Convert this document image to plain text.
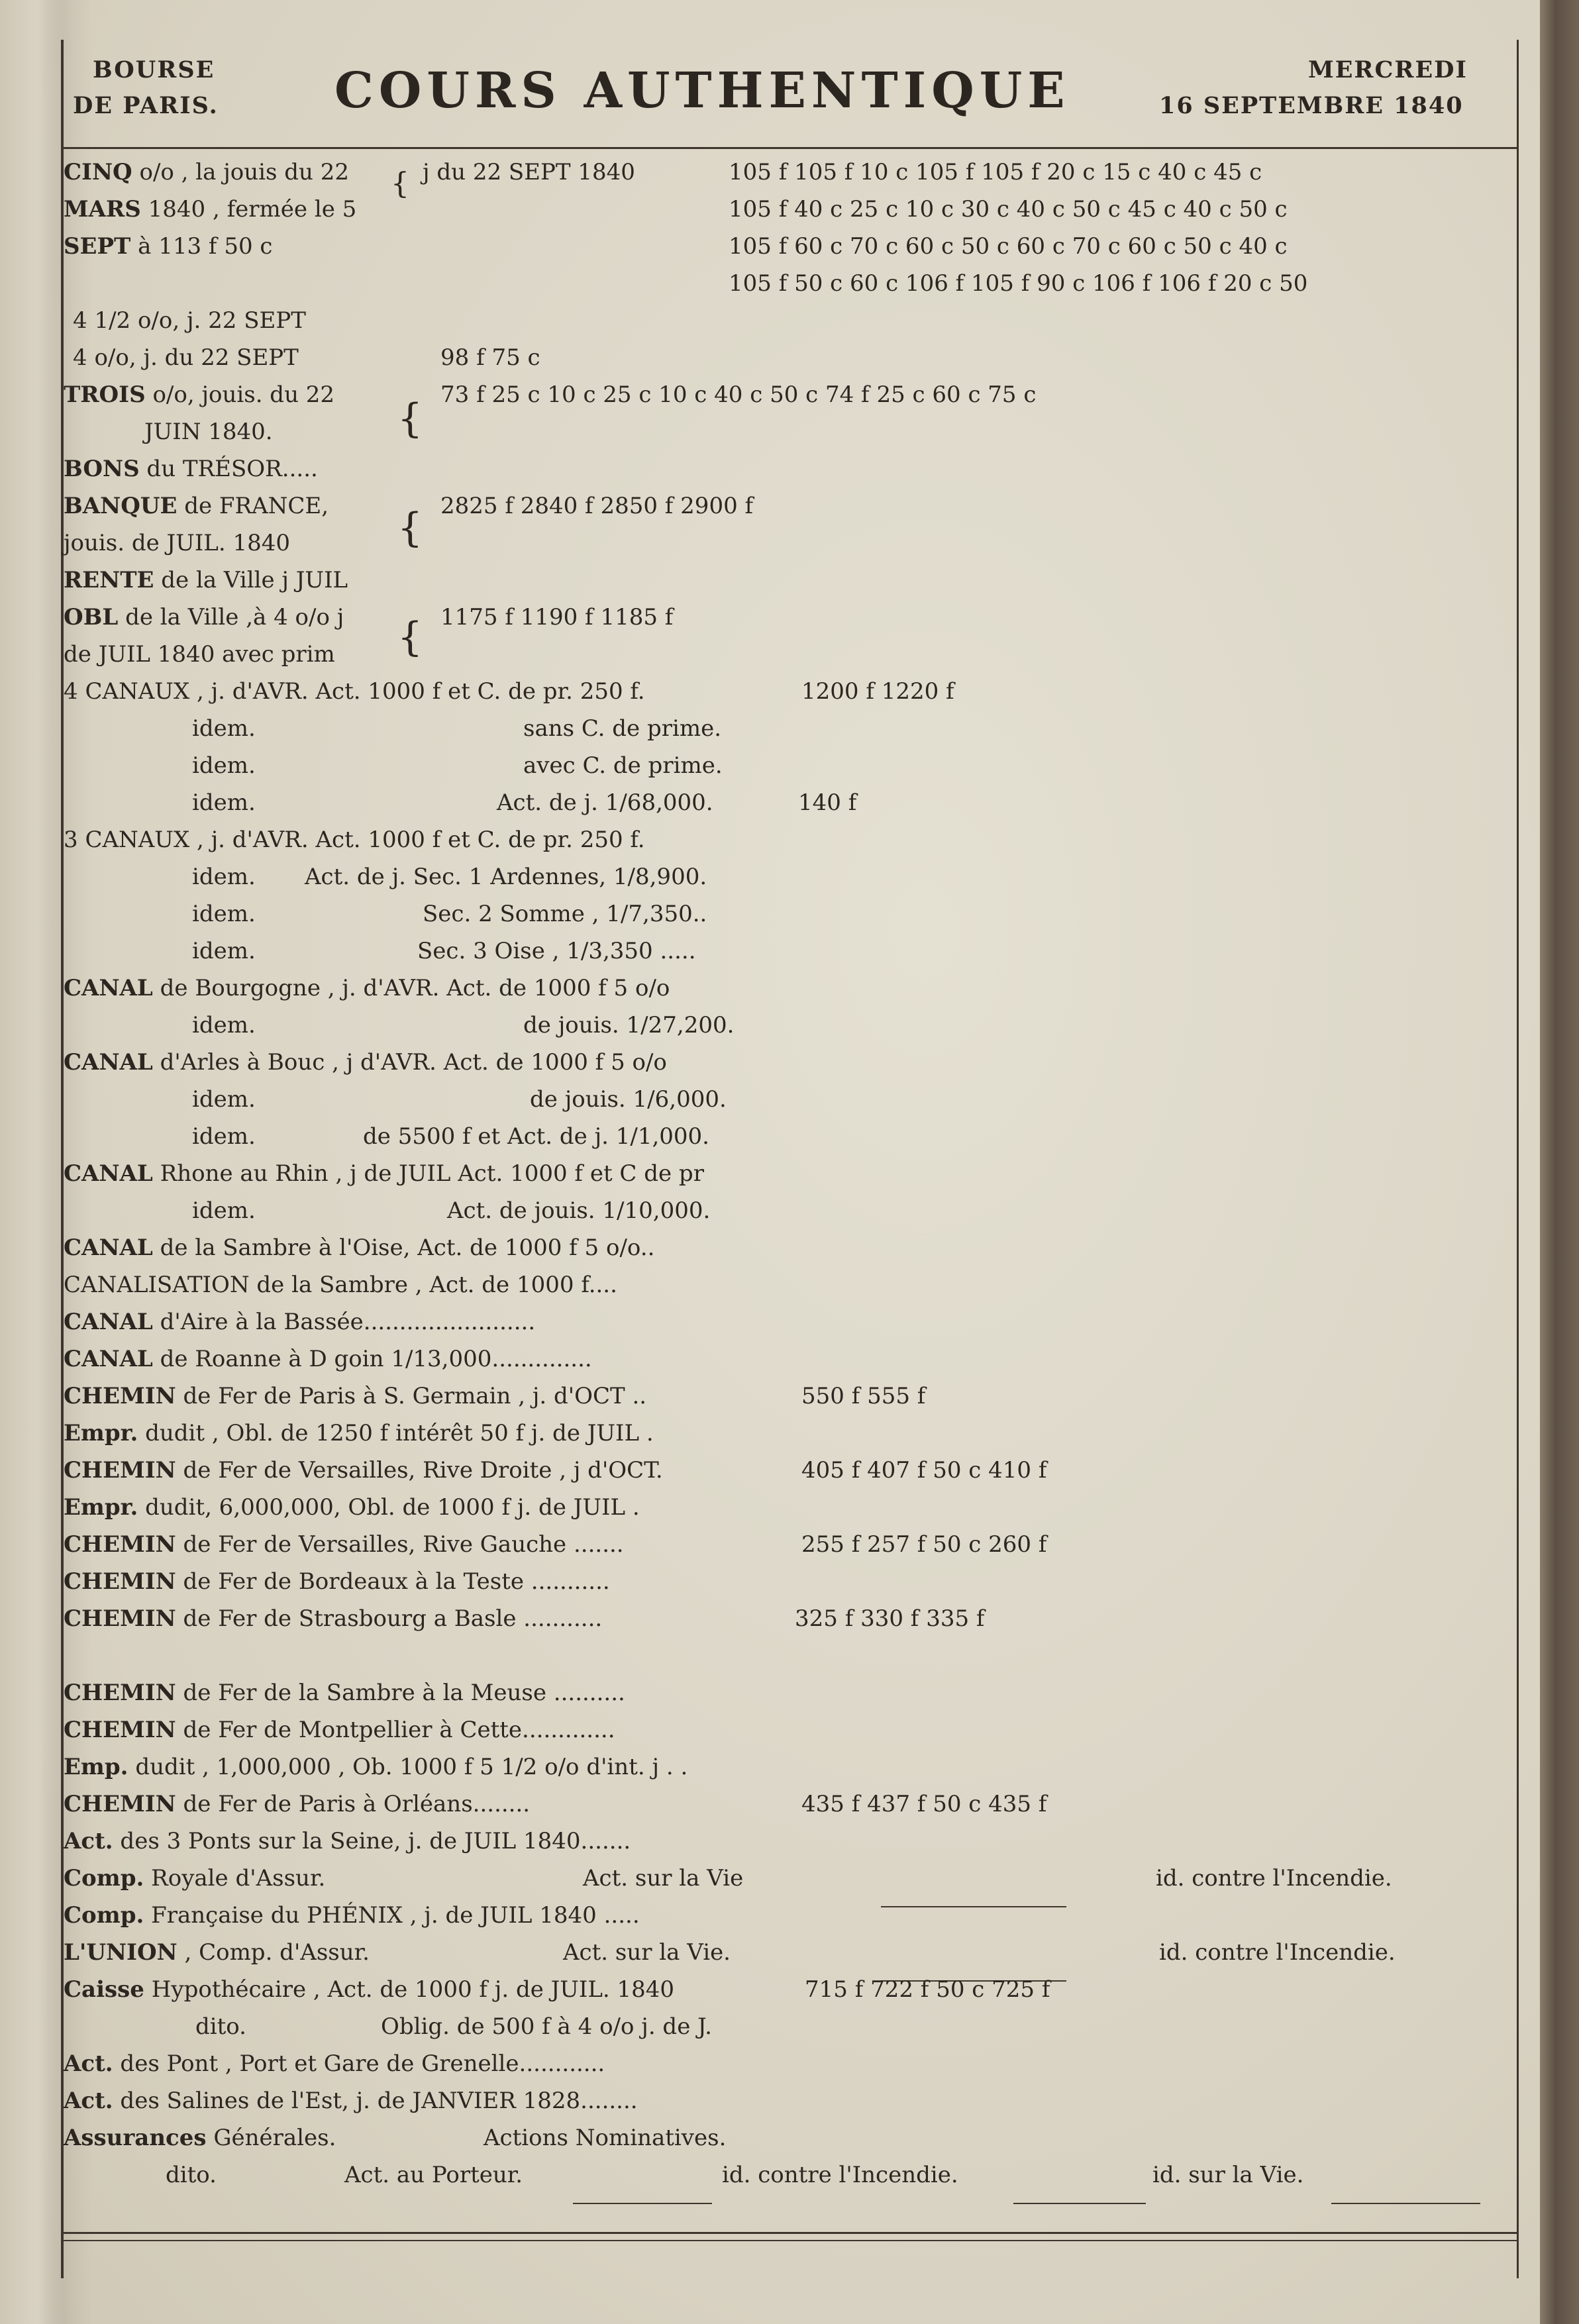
BOURSE
DE PARIS. COURS AUTHENTIQUE	MERCREDI
16 SEPTEMBRE 1840
{
{
{
{
CINQ o/o , la jouis du 22	j du 22 SEPT 1840	105 f 105 f 10 c 105 f 105 f 20 c 15 c 40 c 45 c
MARS 1840 , fermée le 5	105 f 40 c 25 c 10 c 30 c 40 c 50 c 45 c 40 c 50 c
SEPT à 113 f 50 c	105 f 60 c 70 c 60 c 50 c 60 c 70 c 60 c 50 c 40 c
105 f 50 c 60 c 106 f 105 f 90 c 106 f 106 f 20 c 50
4 1/2 o/o, j. 22 SEPT
4 o/o, j. du 22 SEPT	98 f 75 c
TROIS o/o, jouis. du 22	73 f 25 c 10 c 25 c 10 c 40 c 50 c 74 f 25 c 60 c 75 c
JUIN 1840.
BONS du TRÉSOR.....
BANQUE de FRANCE,	2825 f 2840 f 2850 f 2900 f
jouis. de JUIL. 1840
RENTE de la Ville j JUIL
OBL de la Ville ,à 4 o/o j	1175 f 1190 f 1185 f
de JUIL 1840 avec prim
4 CANAUX , j. d'AVR. Act. 1000 f et C. de pr. 250 f.	1200 f 1220 f
idem.	sans C. de prime.
idem.	avec C. de prime.
idem.	Act. de j. 1/68,000.	140 f
3 CANAUX , j. d'AVR. Act. 1000 f et C. de pr. 250 f.
idem. Act. de j. Sec. 1 Ardennes, 1/8,900.
idem.	Sec. 2 Somme , 1/7,350..
idem.	Sec. 3 Oise , 1/3,350 .....
CANAL de Bourgogne , j. d'AVR. Act. de 1000 f 5 o/o
idem.	de jouis. 1/27,200.
CANAL d'Arles à Bouc , j d'AVR. Act. de 1000 f 5 o/o
idem.	de jouis. 1/6,000.
idem.	de 5500 f et Act. de j. 1/1,000.
CANAL Rhone au Rhin , j de JUIL Act. 1000 f et C de pr
idem.	Act. de jouis. 1/10,000.
CANAL de la Sambre à l'Oise, Act. de 1000 f 5 o/o..
CANALISATION de la Sambre , Act. de 1000 f....
CANAL d'Aire à la Bassée........................
CANAL de Roanne à D goin 1/13,000..............
CHEMIN de Fer de Paris à S. Germain , j. d'OCT ..	550 f 555 f
Empr. dudit , Obl. de 1250 f intérêt 50 f j. de JUIL .
CHEMIN de Fer de Versailles, Rive Droite , j d'OCT.	405 f 407 f 50 c 410 f
Empr. dudit, 6,000,000, Obl. de 1000 f j. de JUIL .
CHEMIN de Fer de Versailles, Rive Gauche .......	255 f 257 f 50 c 260 f
CHEMIN de Fer de Bordeaux à la Teste ...........
CHEMIN de Fer de Strasbourg a Basle ...........	325 f 330 f 335 f
CHEMIN de Fer de la Sambre à la Meuse ..........
CHEMIN de Fer de Montpellier à Cette.............
Emp. dudit , 1,000,000 , Ob. 1000 f 5 1/2 o/o d'int. j . .
CHEMIN de Fer de Paris à Orléans........	435 f 437 f 50 c 435 f
Act. des 3 Ponts sur la Seine, j. de JUIL 1840.......
Comp. Royale d'Assur.	Act. sur la Vie	id. contre l'Incendie.
Comp. Française du PHÉNIX , j. de JUIL 1840 .....
L'UNION , Comp. d'Assur.	Act. sur la Vie.	id. contre l'Incendie.
Caisse Hypothécaire , Act. de 1000 f j. de JUIL. 1840	715 f 722 f 50 c 725 f
dito.	Oblig. de 500 f à 4 o/o j. de J.
Act. des Pont , Port et Gare de Grenelle............
Act. des Salines de l'Est, j. de JANVIER 1828........
Assurances Générales.	Actions Nominatives.
dito.	Act. au Porteur.	id. contre l'Incendie.	id. sur la Vie.
